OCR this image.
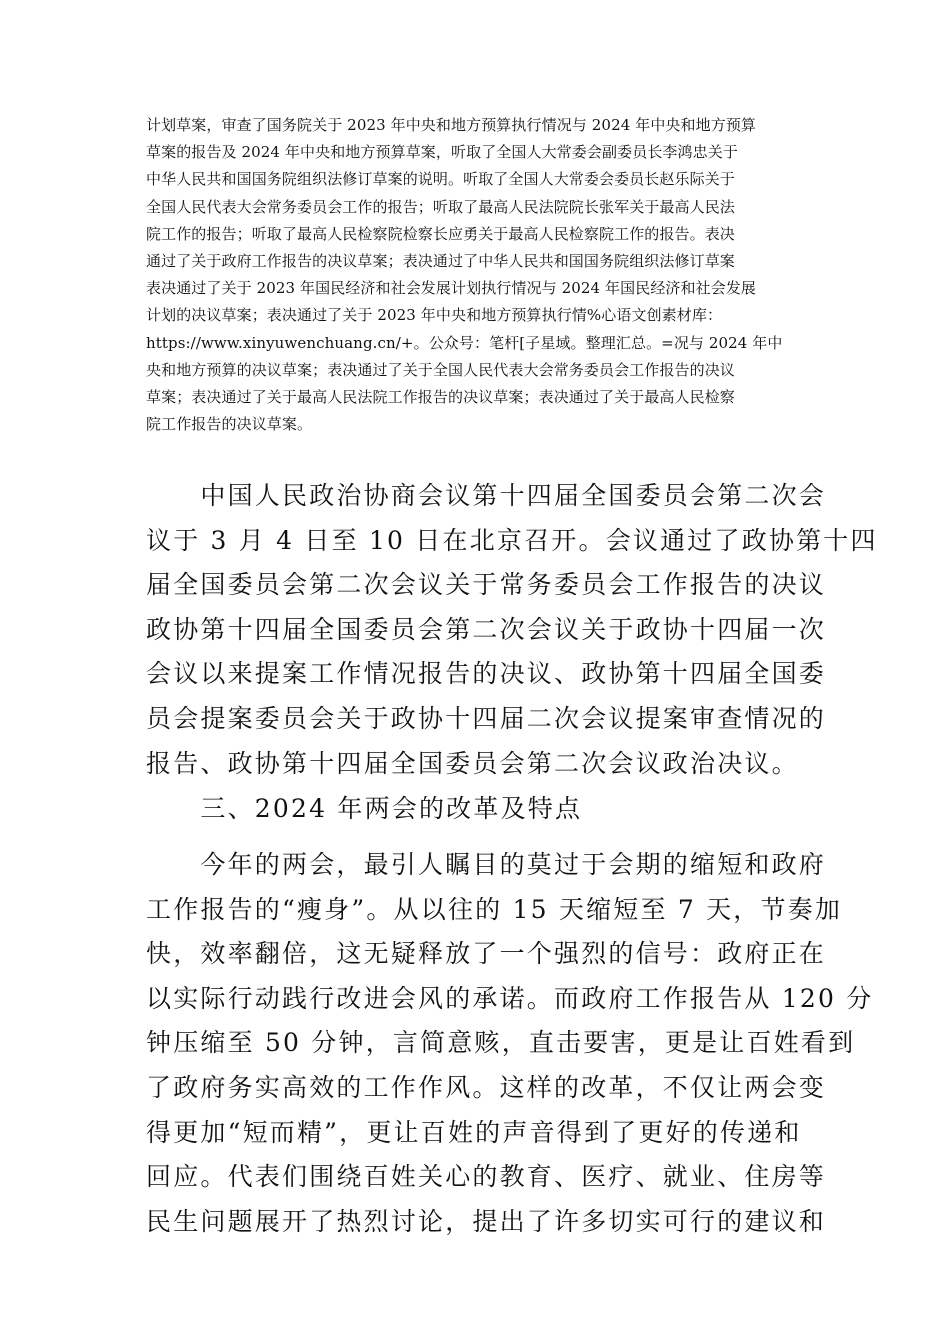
计划草案，审查了国务院关于 2023 年中央和地方预算执行情况与 2024 年中央和地方预算
草案的报告及 2024 年中央和地方预算草案，听取了全国人大常委会副委员长李鸿忠关于
中华人民共和国国务院组织法修订草案的说明。听取了全国人大常委会委员长赵乐际关于
全国人民代表大会常务委员会工作的报告；听取了最高人民法院院长张军关于最高人民法
院工作的报告；听取了最高人民检察院检察长应勇关于最高人民检察院工作的报告。表决
通过了关于政府工作报告的决议草案；表决通过了中华人民共和国国务院组织法修订草案
表决通过了关于 2023 年国民经济和社会发展计划执行情况与 2024 年国民经济和社会发展
计划的决议草案；表决通过了关于 2023 年中央和地方预算执行情%心语文创素材库：
https://www.xinyuwenchuang.cn/+。公众号：笔杆[子星域。整理汇总。=况与 2024 年中
央和地方预算的决议草案；表决通过了关于全国人民代表大会常务委员会工作报告的决议
草案；表决通过了关于最高人民法院工作报告的决议草案；表决通过了关于最高人民检察
院工作报告的决议草案。
　　中国人民政治协商会议第十四届全国委员会第二次会
议于 3 月 4 日至 10 日在北京召开。会议通过了政协第十四
届全国委员会第二次会议关于常务委员会工作报告的决议
政协第十四届全国委员会第二次会议关于政协十四届一次
会议以来提案工作情况报告的决议、政协第十四届全国委
员会提案委员会关于政协十四届二次会议提案审查情况的
报告、政协第十四届全国委员会第二次会议政治决议。
　　三、2024 年两会的改革及特点
　　今年的两会，最引人瞩目的莫过于会期的缩短和政府
工作报告的“瘦身”。从以往的 15 天缩短至 7 天，节奏加
快，效率翻倍，这无疑释放了一个强烈的信号：政府正在
以实际行动践行改进会风的承诺。而政府工作报告从 120 分
钟压缩至 50 分钟，言简意赅，直击要害，更是让百姓看到
了政府务实高效的工作作风。这样的改革，不仅让两会变
得更加“短而精”，更让百姓的声音得到了更好的传递和
回应。代表们围绕百姓关心的教育、医疗、就业、住房等
民生问题展开了热烈讨论，提出了许多切实可行的建议和
